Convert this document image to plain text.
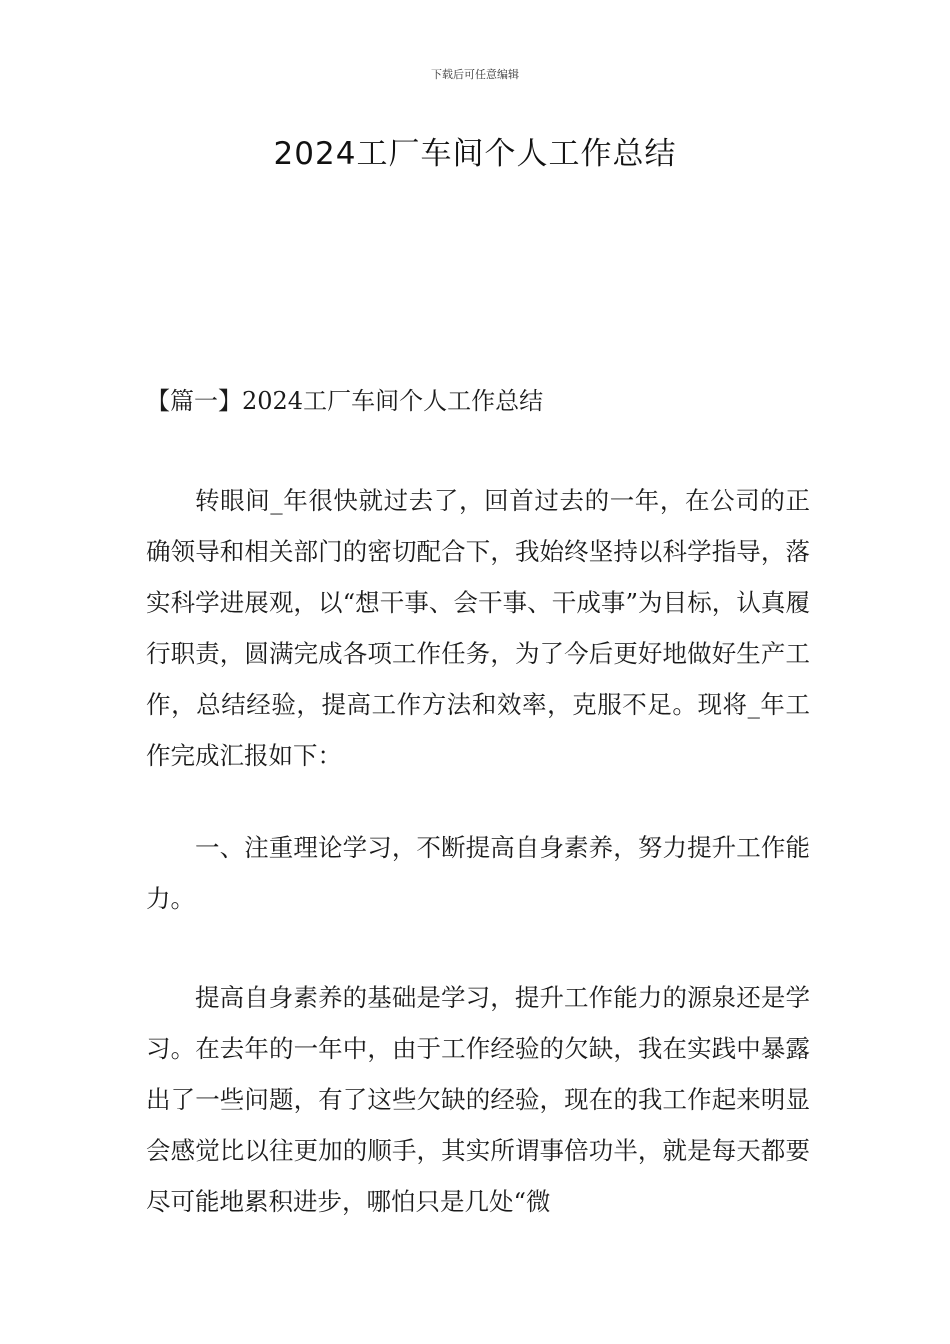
下载后可任意编辑
2024工厂车间个人工作总结
【篇一】2024工厂车间个人工作总结

转眼间_年很快就过去了，回首过去的一年，在公司的正确领导和相关部门的密切配合下，我始终坚持以科学指导，落实科学进展观，以“想干事、会干事、干成事”为目标，认真履行职责，圆满完成各项工作任务，为了今后更好地做好生产工作，总结经验，提高工作方法和效率，克服不足。现将_年工作完成汇报如下：

一、注重理论学习，不断提高自身素养，努力提升工作能力。

提高自身素养的基础是学习，提升工作能力的源泉还是学习。在去年的一年中，由于工作经验的欠缺，我在实践中暴露出了一些问题，有了这些欠缺的经验，现在的我工作起来明显会感觉比以往更加的顺手，其实所谓事倍功半，就是每天都要尽可能地累积进步，哪怕只是几处“微
